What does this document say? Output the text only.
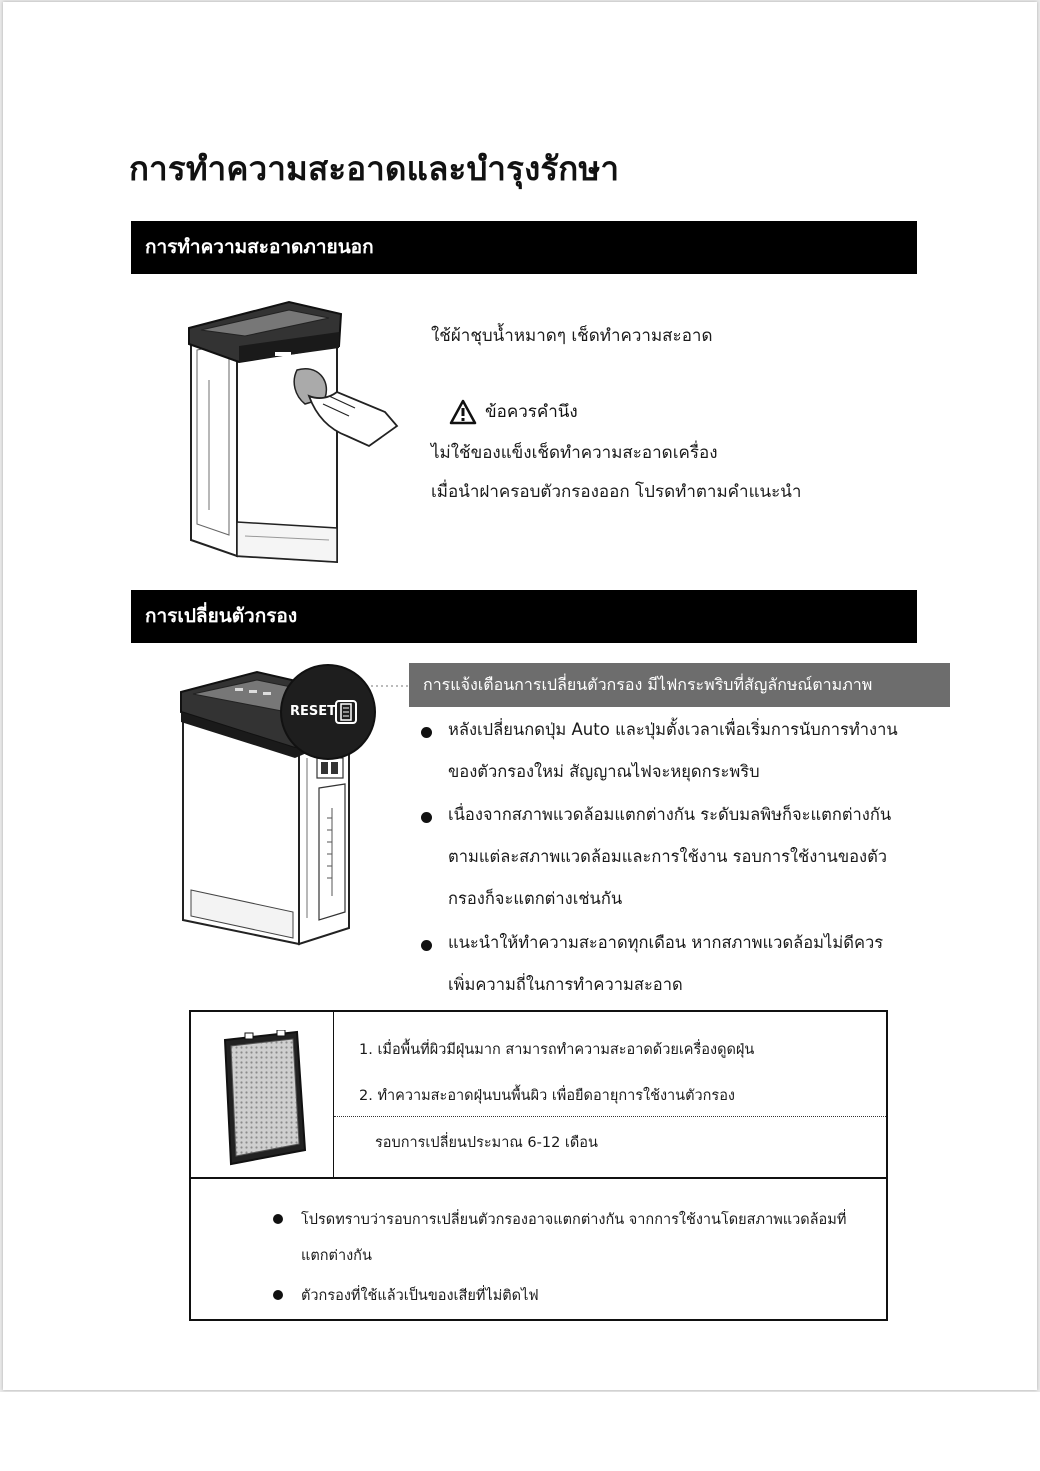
การทำความสะอาดและบำรุงรักษา
การทำความสะอาดภายนอก
ใช้ผ้าชุบน้ำหมาดๆ เช็ดทำความสะอาด
ข้อควรคำนึง
ไม่ใช้ของแข็งเช็ดทำความสะอาดเครื่อง
เมื่อนำฝาครอบตัวกรองออก โปรดทำตามคำแนะนำ
การเปลี่ยนตัวกรอง
RESET
การแจ้งเตือนการเปลี่ยนตัวกรอง มีไฟกระพริบที่สัญลักษณ์ตามภาพ
หลังเปลี่ยนกดปุ่ม Auto และปุ่มตั้งเวลาเพื่อเริ่มการนับการทำงาน
ของตัวกรองใหม่ สัญญาณไฟจะหยุดกระพริบ
เนื่องจากสภาพแวดล้อมแตกต่างกัน ระดับมลพิษก็จะแตกต่างกัน
ตามแต่ละสภาพแวดล้อมและการใช้งาน รอบการใช้งานของตัว
กรองก็จะแตกต่างเช่นกัน
แนะนำให้ทำความสะอาดทุกเดือน หากสภาพแวดล้อมไม่ดีควร
เพิ่มความถี่ในการทำความสะอาด
1. เมื่อพื้นที่ผิวมีฝุ่นมาก สามารถทำความสะอาดด้วยเครื่องดูดฝุ่น
2. ทำความสะอาดฝุ่นบนพื้นผิว เพื่อยืดอายุการใช้งานตัวกรอง
รอบการเปลี่ยนประมาณ 6-12 เดือน
โปรดทราบว่ารอบการเปลี่ยนตัวกรองอาจแตกต่างกัน จากการใช้งานโดยสภาพแวดล้อมที่
แตกต่างกัน
ตัวกรองที่ใช้แล้วเป็นของเสียที่ไม่ติดไฟ
